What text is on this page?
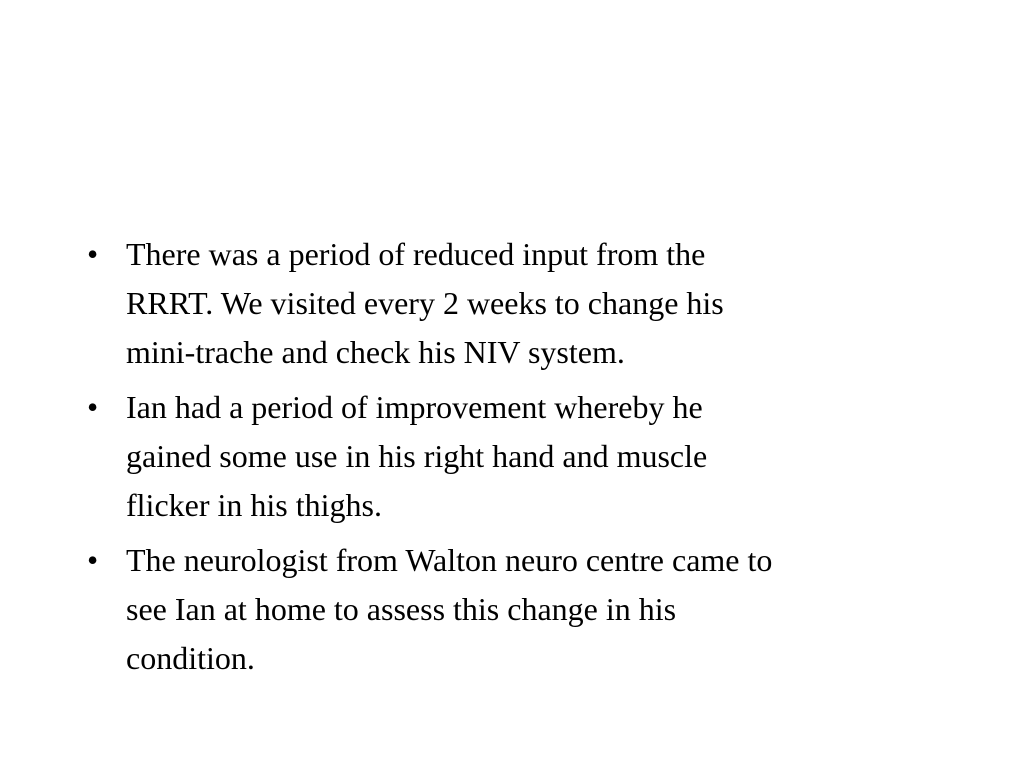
• There was a period of reduced input from the
RRRT. We visited every 2 weeks to change his
mini-trache and check his NIV system.
• Ian had a period of improvement whereby he
gained some use in his right hand and muscle
flicker in his thighs.
• The neurologist from Walton neuro centre came to
see Ian at home to assess this change in his
condition.
